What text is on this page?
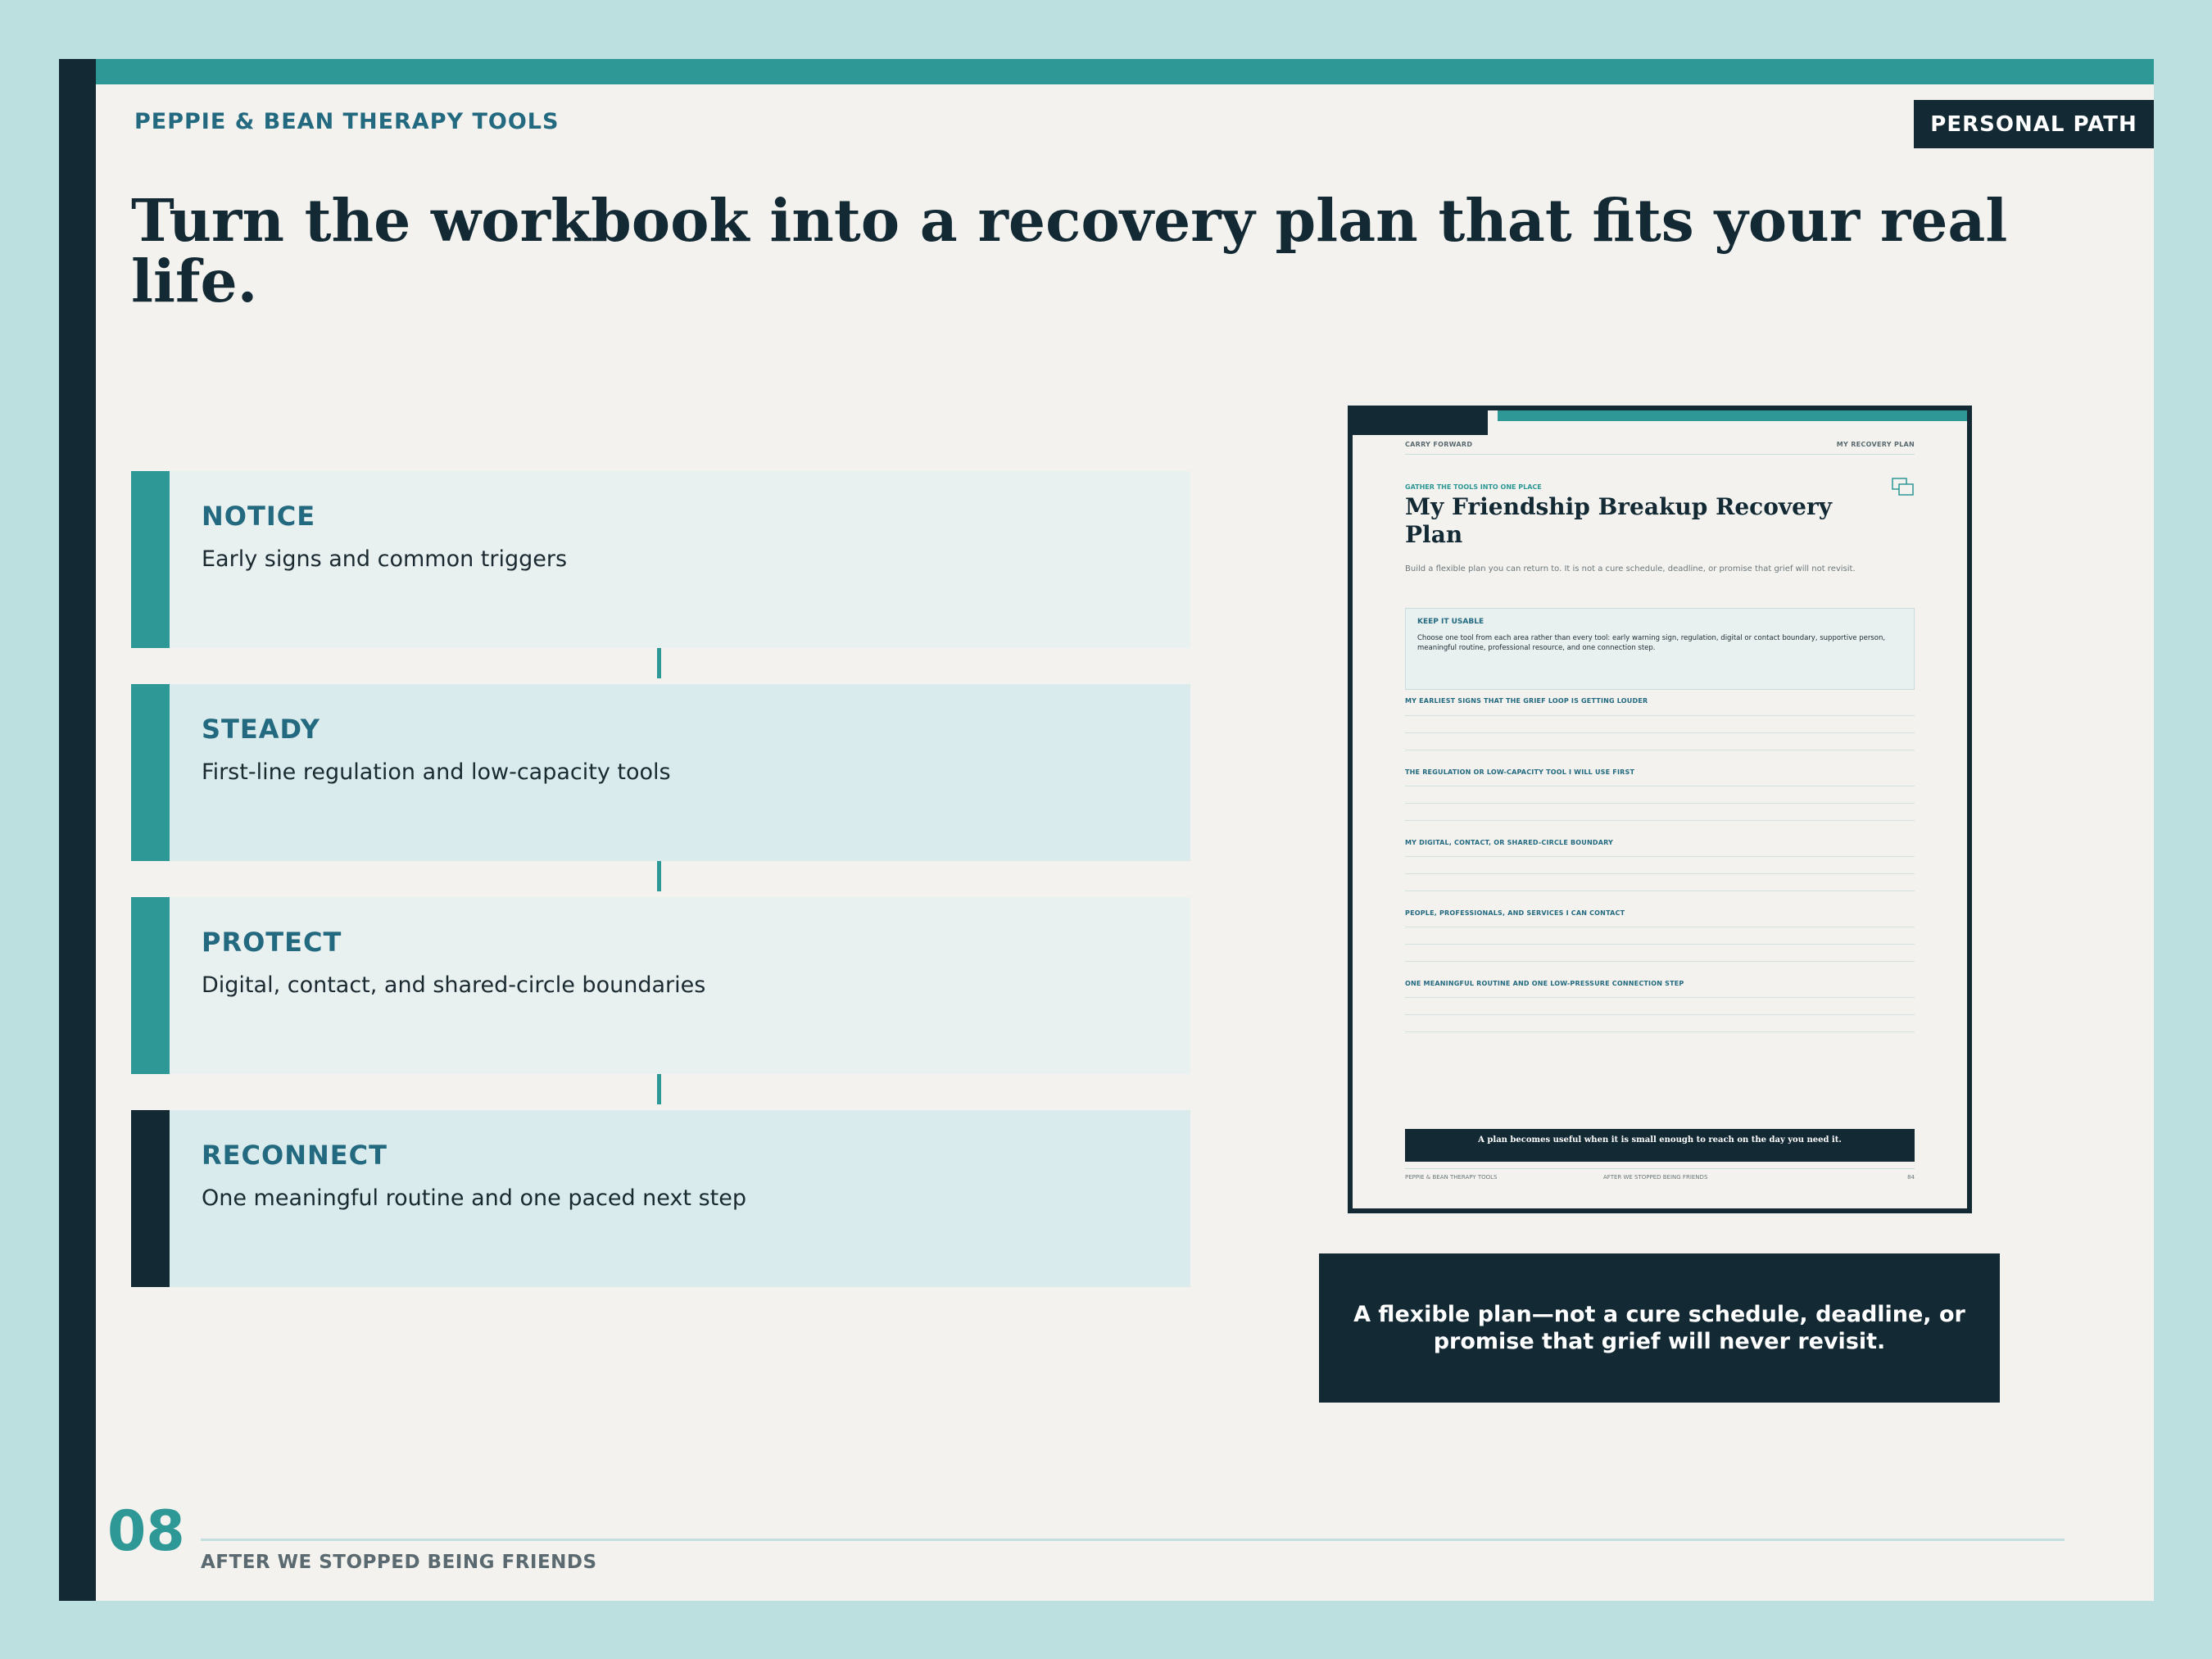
PEPPIE & BEAN THERAPY TOOLS	PERSONAL PATH
Turn the workbook into a recovery plan that fits your real life.
NOTICE
Early signs and common triggers
STEADY
First-line regulation and low-capacity tools
PROTECT
Digital, contact, and shared-circle boundaries
RECONNECT
One meaningful routine and one paced next step
CARRY FORWARD	MY RECOVERY PLAN
GATHER THE TOOLS INTO ONE PLACE
My Friendship Breakup Recovery Plan
Build a flexible plan you can return to. It is not a cure schedule, deadline, or promise that grief will not revisit.
KEEP IT USABLE
Choose one tool from each area rather than every tool: early warning sign, regulation, digital or contact boundary, supportive person, meaningful routine, professional resource, and one connection step.
MY EARLIEST SIGNS THAT THE GRIEF LOOP IS GETTING LOUDER
THE REGULATION OR LOW-CAPACITY TOOL I WILL USE FIRST
MY DIGITAL, CONTACT, OR SHARED-CIRCLE BOUNDARY
PEOPLE, PROFESSIONALS, AND SERVICES I CAN CONTACT
ONE MEANINGFUL ROUTINE AND ONE LOW-PRESSURE CONNECTION STEP
A plan becomes useful when it is small enough to reach on the day you need it.
PEPPIE & BEAN THERAPY TOOLS	AFTER WE STOPPED BEING FRIENDS	84
A flexible plan—not a cure schedule, deadline, or promise that grief will never revisit.
08 AFTER WE STOPPED BEING FRIENDS
